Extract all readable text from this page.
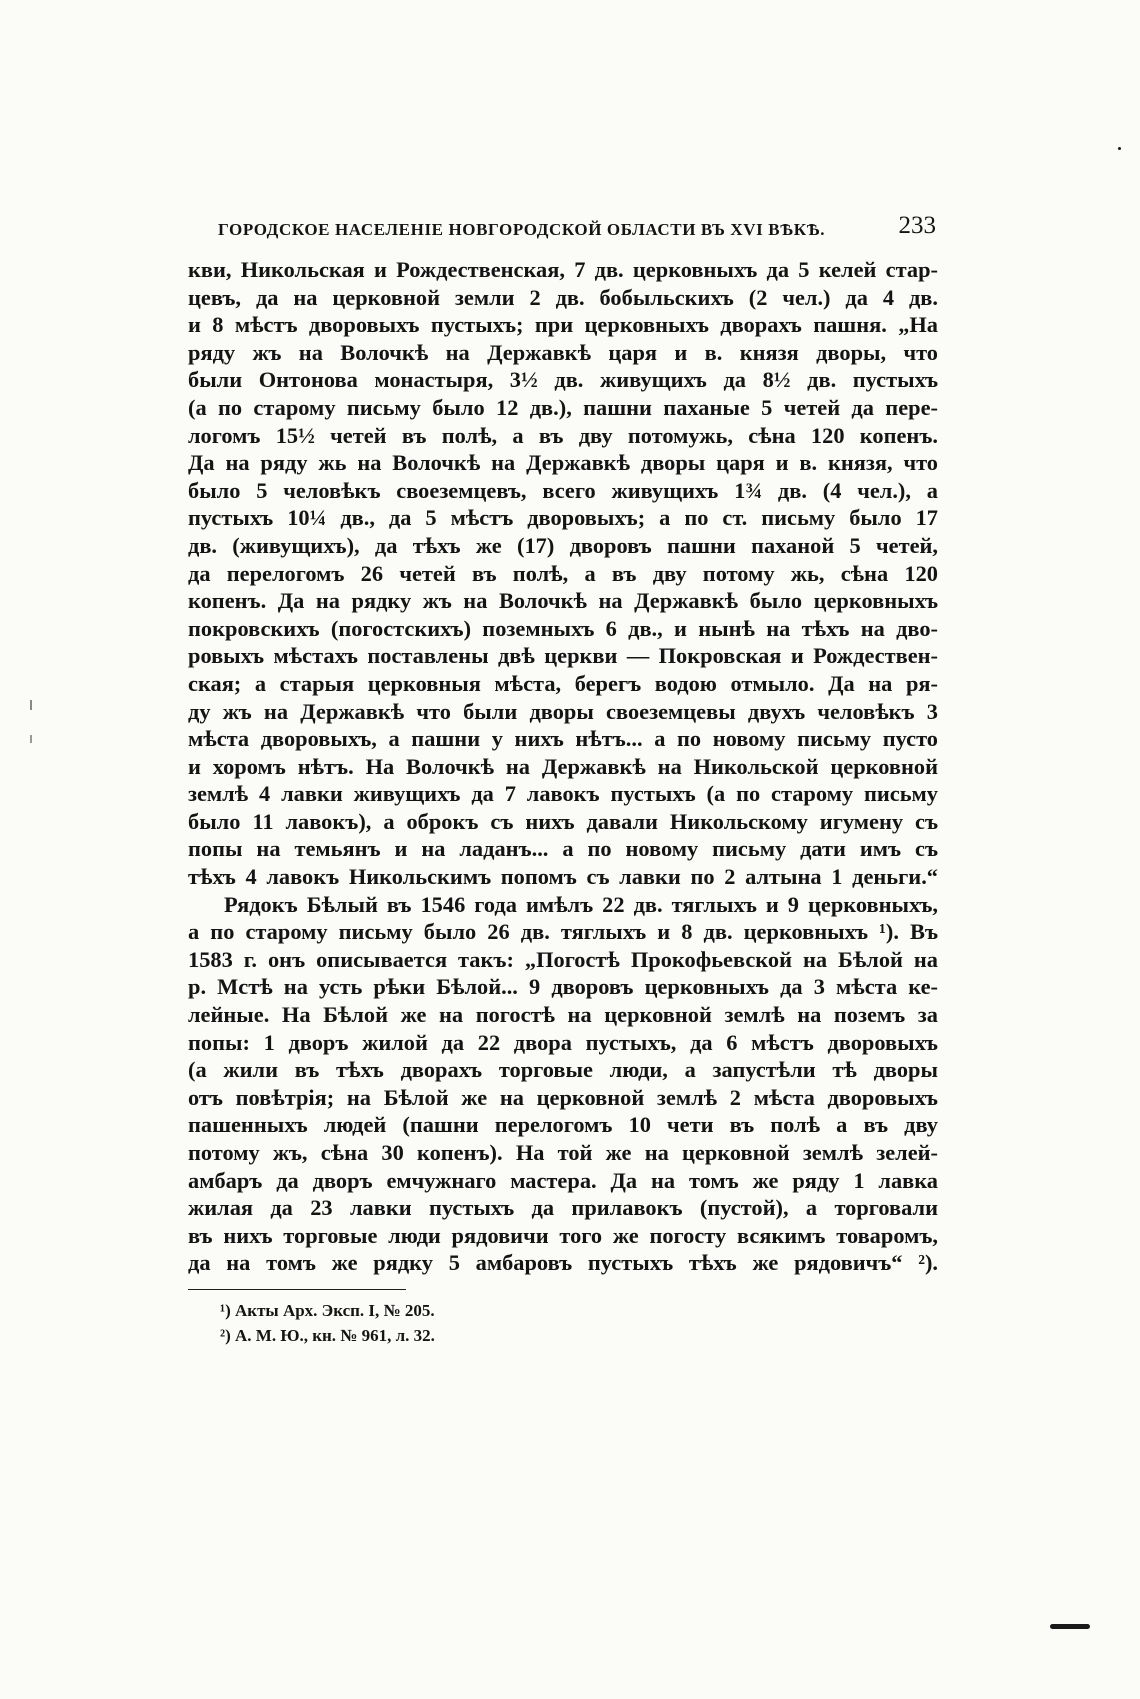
ГОРОДСКОЕ НАСЕЛЕНІЕ НОВГОРОДСКОЙ ОБЛАСТИ ВЪ XVI ВѢКѢ.	233
кви, Никольская и Рождественская, 7 дв. церковныхъ да 5 келей стар-
цевъ, да на церковной земли 2 дв. бобыльскихъ (2 чел.) да 4 дв.
и 8 мѣстъ дворовыхъ пустыхъ; при церковныхъ дворахъ пашня. „На
ряду жъ на Волочкѣ на Державкѣ царя и в. князя дворы, что
были Онтонова монастыря, 3½ дв. живущихъ да 8½ дв. пустыхъ
(а по старому письму было 12 дв.), пашни паханые 5 четей да пере-
логомъ 15½ четей въ полѣ, а въ дву потомужь, сѣна 120 копенъ.
Да на ряду жь на Волочкѣ на Державкѣ дворы царя и в. князя, что
было 5 человѣкъ своеземцевъ, всего живущихъ 1¾ дв. (4 чел.), а
пустыхъ 10¼ дв., да 5 мѣстъ дворовыхъ; а по ст. письму было 17
дв. (живущихъ), да тѣхъ же (17) дворовъ пашни паханой 5 четей,
да перелогомъ 26 четей въ полѣ, а въ дву потому жь, сѣна 120
копенъ. Да на рядку жъ на Волочкѣ на Державкѣ было церковныхъ
покровскихъ (погостскихъ) поземныхъ 6 дв., и нынѣ на тѣхъ на дво-
ровыхъ мѣстахъ поставлены двѣ церкви — Покровская и Рождествен-
ская; а старыя церковныя мѣста, берегъ водою отмыло. Да на ря-
ду жъ на Державкѣ что были дворы своеземцевы двухъ человѣкъ 3
мѣста дворовыхъ, а пашни у нихъ нѣтъ... а по новому письму пусто
и хоромъ нѣтъ. На Волочкѣ на Державкѣ на Никольской церковной
землѣ 4 лавки живущихъ да 7 лавокъ пустыхъ (а по старому письму
было 11 лавокъ), а оброкъ съ нихъ давали Никольскому игумену съ
попы на темьянъ и на ладанъ... а по новому письму дати имъ съ
тѣхъ 4 лавокъ Никольскимъ попомъ съ лавки по 2 алтына 1 деньги.“
Рядокъ Бѣлый въ 1546 года имѣлъ 22 дв. тяглыхъ и 9 церковныхъ,
а по старому письму было 26 дв. тяглыхъ и 8 дв. церковныхъ ¹). Въ
1583 г. онъ описывается такъ: „Погостѣ Прокофьевской на Бѣлой на
р. Мстѣ на усть рѣки Бѣлой... 9 дворовъ церковныхъ да 3 мѣста ке-
лейные. На Бѣлой же на погостѣ на церковной землѣ на поземъ за
попы: 1 дворъ жилой да 22 двора пустыхъ, да 6 мѣстъ дворовыхъ
(а жили въ тѣхъ дворахъ торговые люди, а запустѣли тѣ дворы
отъ повѣтрія; на Бѣлой же на церковной землѣ 2 мѣста дворовыхъ
пашенныхъ людей (пашни перелогомъ 10 чети въ полѣ а въ дву
потому жъ, сѣна 30 копенъ). На той же на церковной землѣ зелей-
амбаръ да дворъ емчужнаго мастера. Да на томъ же ряду 1 лавка
жилая да 23 лавки пустыхъ да прилавокъ (пустой), а торговали
въ нихъ торговые люди рядовичи того же погосту всякимъ товаромъ,
да на томъ же рядку 5 амбаровъ пустыхъ тѣхъ же рядовичъ“ ²).
¹) Акты Арх. Эксп. I, № 205.
²) А. М. Ю., кн. № 961, л. 32.
